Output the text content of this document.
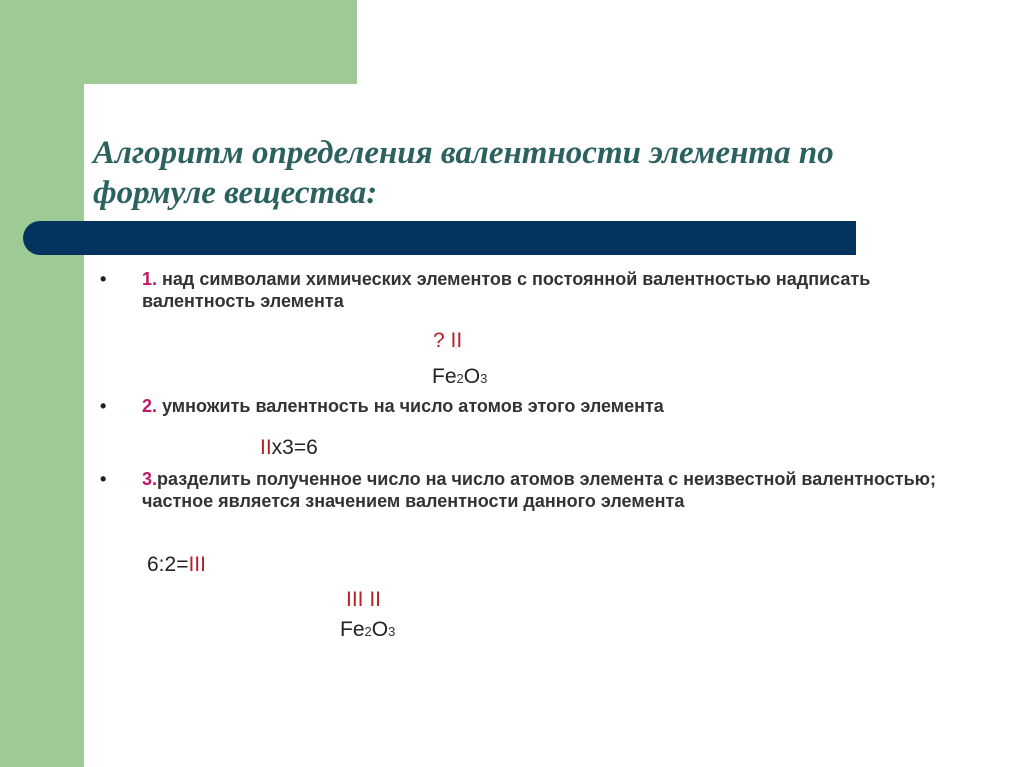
Алгоритм определения валентности элемента по
формуле вещества:
• 1. над символами химических элементов с постоянной валентностью надписать валентность элемента
? II
Fe2O3
• 2. умножить валентность на число атомов этого элемента
IIx3=6
• 3.разделить полученное число на число атомов элемента с неизвестной валентностью; частное является значением валентности данного элемента
6:2=III
III II
Fe2O3
